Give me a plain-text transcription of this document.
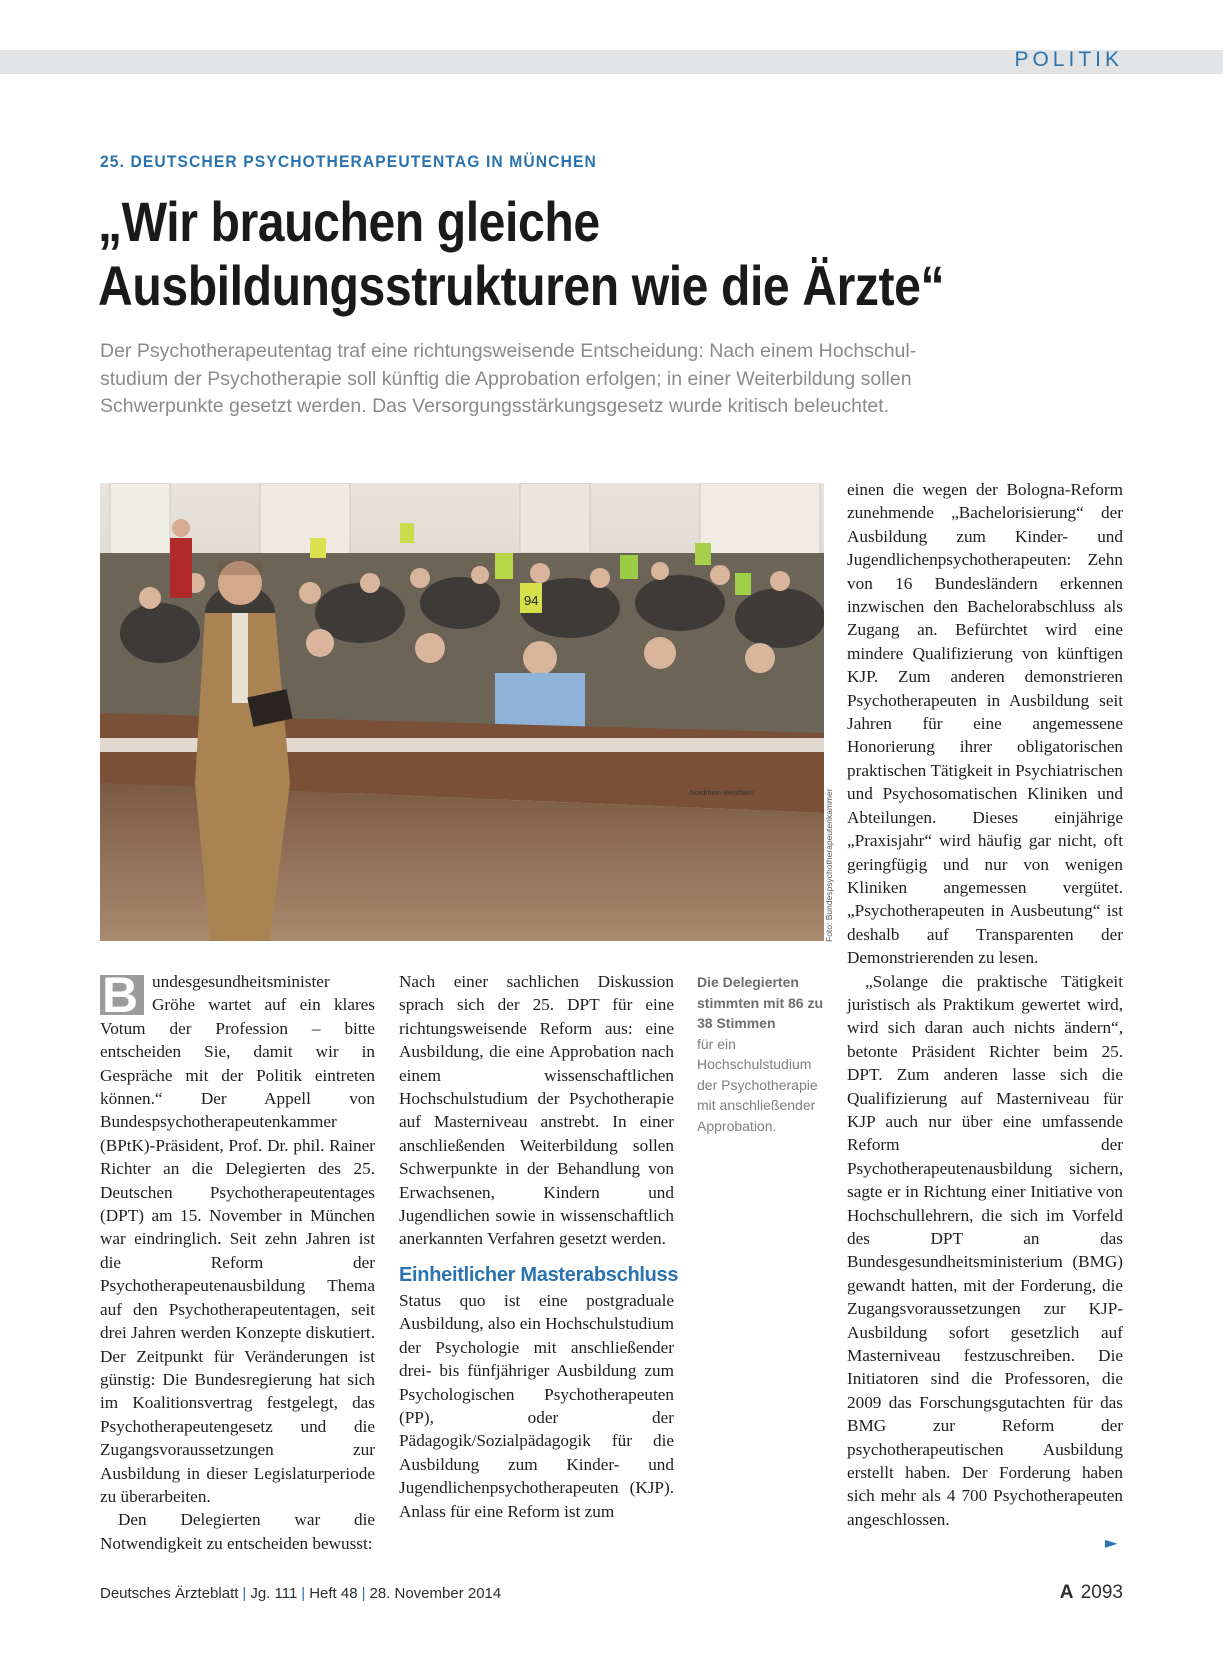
POLITIK
25. DEUTSCHER PSYCHOTHERAPEUTENTAG IN MÜNCHEN
„Wir brauchen gleiche
Ausbildungsstrukturen wie die Ärzte“
Der Psychotherapeutentag traf eine richtungsweisende Entscheidung: Nach einem Hochschul-
studium der Psychotherapie soll künftig die Approbation erfolgen; in einer Weiterbildung sollen
Schwerpunkte gesetzt werden. Das Versorgungsstärkungsgesetz wurde kritisch beleuchtet.
94
Nordrhein-Westfalen	Foto: Bundespsychotherapeutenkammer

B undesgesundheitsminister Gröhe wartet auf ein klares Votum der Profession – bitte entscheiden Sie, damit wir in Gespräche mit der Politik eintreten können.“ Der Appell von Bundespsychotherapeutenkammer (BPtK)-Präsident, Prof. Dr. phil. Rainer Richter an die Delegierten des 25. Deutschen Psychotherapeutentages (DPT) am 15. November in München war eindringlich. Seit zehn Jahren ist die Reform der Psychotherapeutenausbildung Thema auf den Psychotherapeutentagen, seit drei Jahren werden Konzepte diskutiert. Der Zeitpunkt für Veränderungen ist günstig: Die Bundesregierung hat sich im Koalitionsvertrag festgelegt, das Psychotherapeutengesetz und die Zugangsvoraussetzungen zur Ausbildung in dieser Legislaturperiode zu überarbeiten.

Den Delegierten war die Notwendigkeit zu entscheiden bewusst:

Nach einer sachlichen Diskussion sprach sich der 25. DPT für eine richtungsweisende Reform aus: eine Ausbildung, die eine Approbation nach einem wissenschaftlichen Hochschulstudium der Psychotherapie auf Masterniveau anstrebt. In einer anschließenden Weiterbildung sollen Schwerpunkte in der Behandlung von Erwachsenen, Kindern und Jugendlichen sowie in wissenschaftlich anerkannten Verfahren gesetzt werden.

Einheitlicher Masterabschluss

Status quo ist eine postgraduale Ausbildung, also ein Hochschulstudium der Psychologie mit anschließender drei- bis fünfjähriger Ausbildung zum Psychologischen Psychotherapeuten (PP), oder der Pädagogik/Sozialpädagogik für die Ausbildung zum Kinder- und Jugendlichenpsychotherapeuten (KJP). Anlass für eine Reform ist zum

Die Delegierten stimmten mit 86 zu 38 Stimmen
für ein Hochschulstudium der Psychotherapie mit anschließender Approbation.

einen die wegen der Bologna-Reform zunehmende „Bachelorisierung“ der Ausbildung zum Kinder- und Jugendlichenpsychotherapeuten: Zehn von 16 Bundesländern erkennen inzwischen den Bachelorabschluss als Zugang an. Befürchtet wird eine mindere Qualifizierung von künftigen KJP. Zum anderen demonstrieren Psychotherapeuten in Ausbildung seit Jahren für eine angemessene Honorierung ihrer obligatorischen praktischen Tätigkeit in Psychiatrischen und Psychosomatischen Kliniken und Abteilungen. Dieses einjährige „Praxisjahr“ wird häufig gar nicht, oft geringfügig und nur von wenigen Kliniken angemessen vergütet. „Psychotherapeuten in Ausbeutung“ ist deshalb auf Transparenten der Demonstrierenden zu lesen.

„Solange die praktische Tätigkeit juristisch als Praktikum gewertet wird, wird sich daran auch nichts ändern“, betonte Präsident Richter beim 25. DPT. Zum anderen lasse sich die Qualifizierung auf Masterniveau für KJP auch nur über eine umfassende Reform der Psychotherapeutenausbildung sichern, sagte er in Richtung einer Initiative von Hochschullehrern, die sich im Vorfeld des DPT an das Bundesgesundheitsministerium (BMG) gewandt hatten, mit der Forderung, die Zugangsvoraussetzungen zur KJP-Ausbildung sofort gesetzlich auf Masterniveau festzuschreiben. Die Initiatoren sind die Professoren, die 2009 das Forschungsgutachten für das BMG zur Reform der psychotherapeutischen Ausbildung erstellt haben. Der Forderung haben sich mehr als 4 700 Psychotherapeuten angeschlossen.

►
Deutsches Ärzteblatt | Jg. 111 | Heft 48 | 28. November 2014	A 2093
